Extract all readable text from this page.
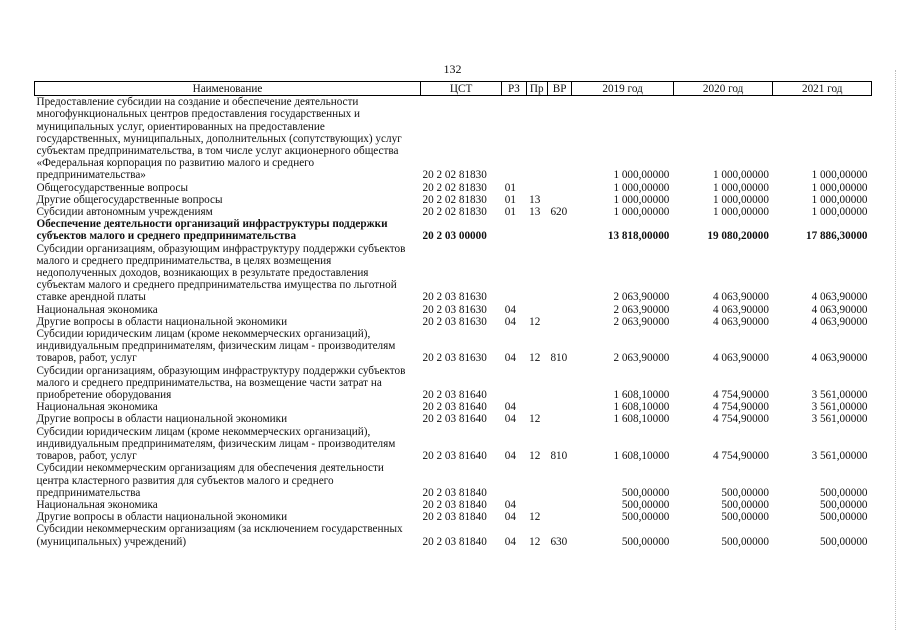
132
Наименование	ЦСТ	РЗ	Пр	ВР	2019 год	2020 год	2021 год
Предоставление субсидии на создание и обеспечение деятельности многофункциональных центров предоставления государственных и муниципальных услуг, ориентированных на предоставление государственных, муниципальных, дополнительных (сопутствующих) услуг субъектам предпринимательства, в том числе услуг акционерного общества «Федеральная корпорация по развитию малого и среднего предпринимательства»	20 2 02 81830				1 000,00000	1 000,00000	1 000,00000
Общегосударственные вопросы	20 2 02 81830	01			1 000,00000	1 000,00000	1 000,00000
Другие общегосударственные вопросы	20 2 02 81830	01	13		1 000,00000	1 000,00000	1 000,00000
Субсидии автономным учреждениям	20 2 02 81830	01	13	620	1 000,00000	1 000,00000	1 000,00000
Обеспечение деятельности организаций инфраструктуры поддержки субъектов малого и среднего предпринимательства	20 2 03 00000				13 818,00000	19 080,20000	17 886,30000
Субсидии организациям, образующим инфраструктуру поддержки субъектов малого и среднего предпринимательства, в целях возмещения недополученных доходов, возникающих в результате предоставления субъектам малого и среднего предпринимательства имущества по льготной ставке арендной платы	20 2 03 81630				2 063,90000	4 063,90000	4 063,90000
Национальная экономика	20 2 03 81630	04			2 063,90000	4 063,90000	4 063,90000
Другие вопросы в области национальной экономики	20 2 03 81630	04	12		2 063,90000	4 063,90000	4 063,90000
Субсидии юридическим лицам (кроме некоммерческих организаций), индивидуальным предпринимателям, физическим лицам - производителям товаров, работ, услуг	20 2 03 81630	04	12	810	2 063,90000	4 063,90000	4 063,90000
Субсидии организациям, образующим инфраструктуру поддержки субъектов малого и среднего предпринимательства, на возмещение части затрат на приобретение оборудования	20 2 03 81640				1 608,10000	4 754,90000	3 561,00000
Национальная экономика	20 2 03 81640	04			1 608,10000	4 754,90000	3 561,00000
Другие вопросы в области национальной экономики	20 2 03 81640	04	12		1 608,10000	4 754,90000	3 561,00000
Субсидии юридическим лицам (кроме некоммерческих организаций), индивидуальным предпринимателям, физическим лицам - производителям товаров, работ, услуг	20 2 03 81640	04	12	810	1 608,10000	4 754,90000	3 561,00000
Субсидии некоммерческим организациям для обеспечения деятельности центра кластерного развития для субъектов малого и среднего предпринимательства	20 2 03 81840				500,00000	500,00000	500,00000
Национальная экономика	20 2 03 81840	04			500,00000	500,00000	500,00000
Другие вопросы в области национальной экономики	20 2 03 81840	04	12		500,00000	500,00000	500,00000
Субсидии некоммерческим организациям (за исключением государственных (муниципальных) учреждений)	20 2 03 81840	04	12	630	500,00000	500,00000	500,00000
